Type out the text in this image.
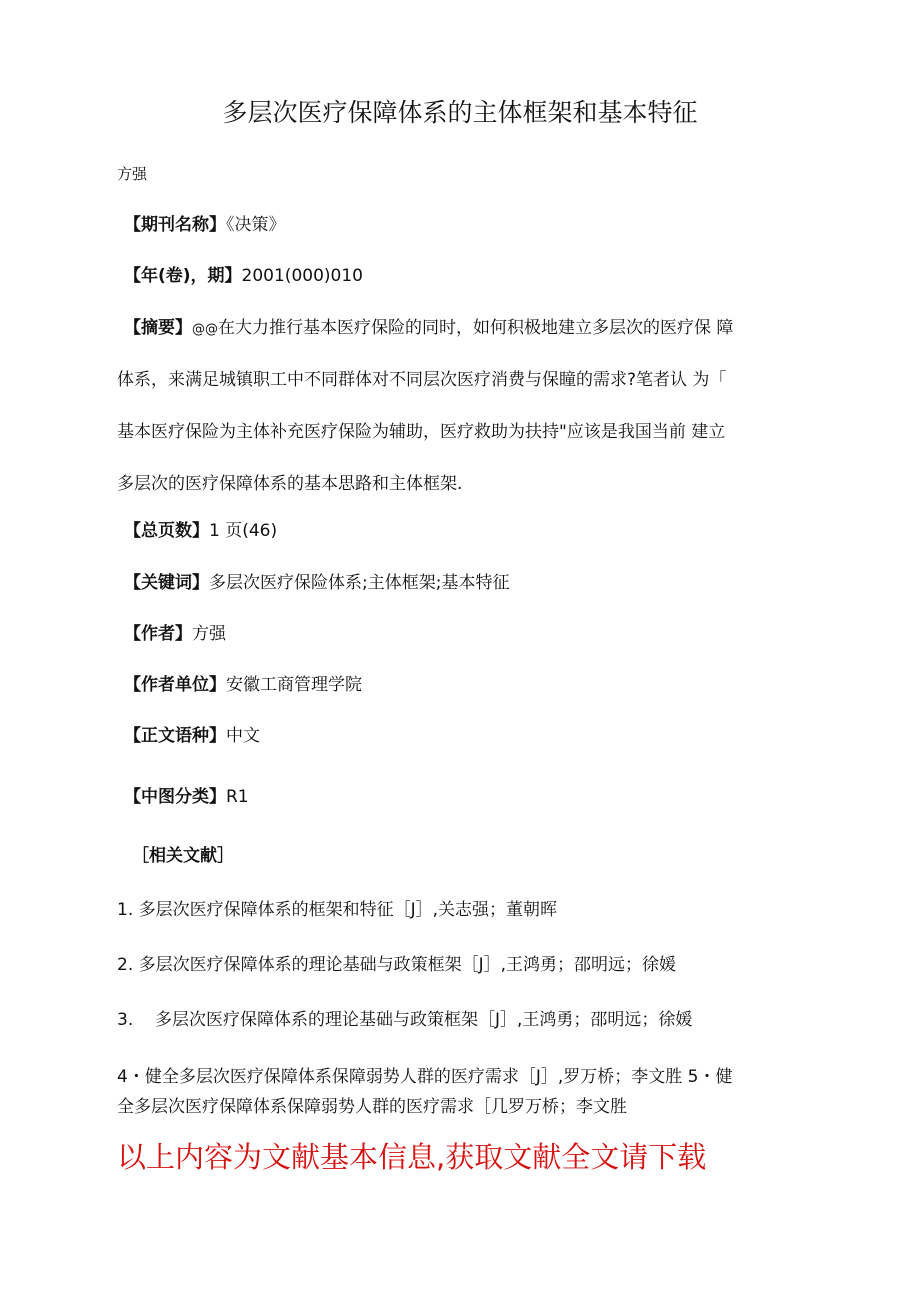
多层次医疗保障体系的主体框架和基本特征
方强
【期刊名称】《决策》
【年(卷)，期】2001(000)010
【摘要】@@在大力推行基本医疗保险的同时，如何积极地建立多层次的医疗保 障
体系，来满足城镇职工中不同群体对不同层次医疗消费与保瞳的需求?笔者认 为「
基本医疗保险为主体补充医疗保险为辅助，医疗救助为扶持"应该是我国当前 建立
多层次的医疗保障体系的基本思路和主体框架.
【总页数】1 页(46)
【关键词】多层次医疗保险体系;主体框架;基本特征
【作者】方强
【作者单位】安徽工商管理学院
【正文语种】中文
【中图分类】R1
［相关文献］
1. 多层次医疗保障体系的框架和特征［J］,关志强；董朝晖
2. 多层次医疗保障体系的理论基础与政策框架［J］,王鸿勇；邵明远；徐媛
3. 多层次医疗保障体系的理论基础与政策框架［J］,王鸿勇；邵明远；徐媛
4・健全多层次医疗保障体系保障弱势人群的医疗需求［J］,罗万桥；李文胜 5・健
全多层次医疗保障体系保障弱势人群的医疗需求［几罗万桥；李文胜
以上内容为文献基本信息,获取文献全文请下载
